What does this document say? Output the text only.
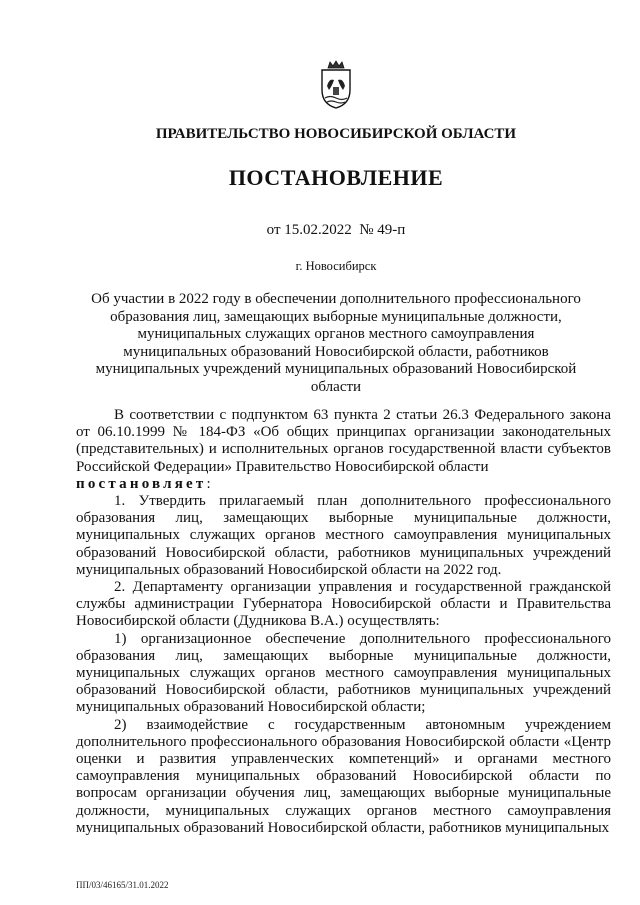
ПРАВИТЕЛЬСТВО НОВОСИБИРСКОЙ ОБЛАСТИ
ПОСТАНОВЛЕНИЕ
от 15.02.2022  № 49-п
г. Новосибирск
Об участии в 2022 году в обеспечении дополнительного профессионального образования лиц, замещающих выборные муниципальные должности, муниципальных служащих органов местного самоуправления муниципальных образований Новосибирской области, работников муниципальных учреждений муниципальных образований Новосибирской области

В соответствии с подпунктом 63 пункта 2 статьи 26.3 Федерального закона от 06.10.1999 № 184-ФЗ «Об общих принципах организации законодательных (представительных) и исполнительных органов государственной власти субъектов Российской Федерации» Правительство Новосибирской области

постановляет:

1. Утвердить прилагаемый план дополнительного профессионального образования лиц, замещающих выборные муниципальные должности, муниципальных служащих органов местного самоуправления муниципальных образований Новосибирской области, работников муниципальных учреждений муниципальных образований Новосибирской области на 2022 год.

2. Департаменту организации управления и государственной гражданской службы администрации Губернатора Новосибирской области и Правительства Новосибирской области (Дудникова В.А.) осуществлять:

1) организационное обеспечение дополнительного профессионального образования лиц, замещающих выборные муниципальные должности, муниципальных служащих органов местного самоуправления муниципальных образований Новосибирской области, работников муниципальных учреждений муниципальных образований Новосибирской области;

2) взаимодействие с государственным автономным учреждением дополнительного профессионального образования Новосибирской области «Центр оценки и развития управленческих компетенций» и органами местного самоуправления муниципальных образований Новосибирской области по вопросам организации обучения лиц, замещающих выборные муниципальные должности, муниципальных служащих органов местного самоуправления муниципальных образований Новосибирской области, работников муниципальных

ПП/03/46165/31.01.2022
